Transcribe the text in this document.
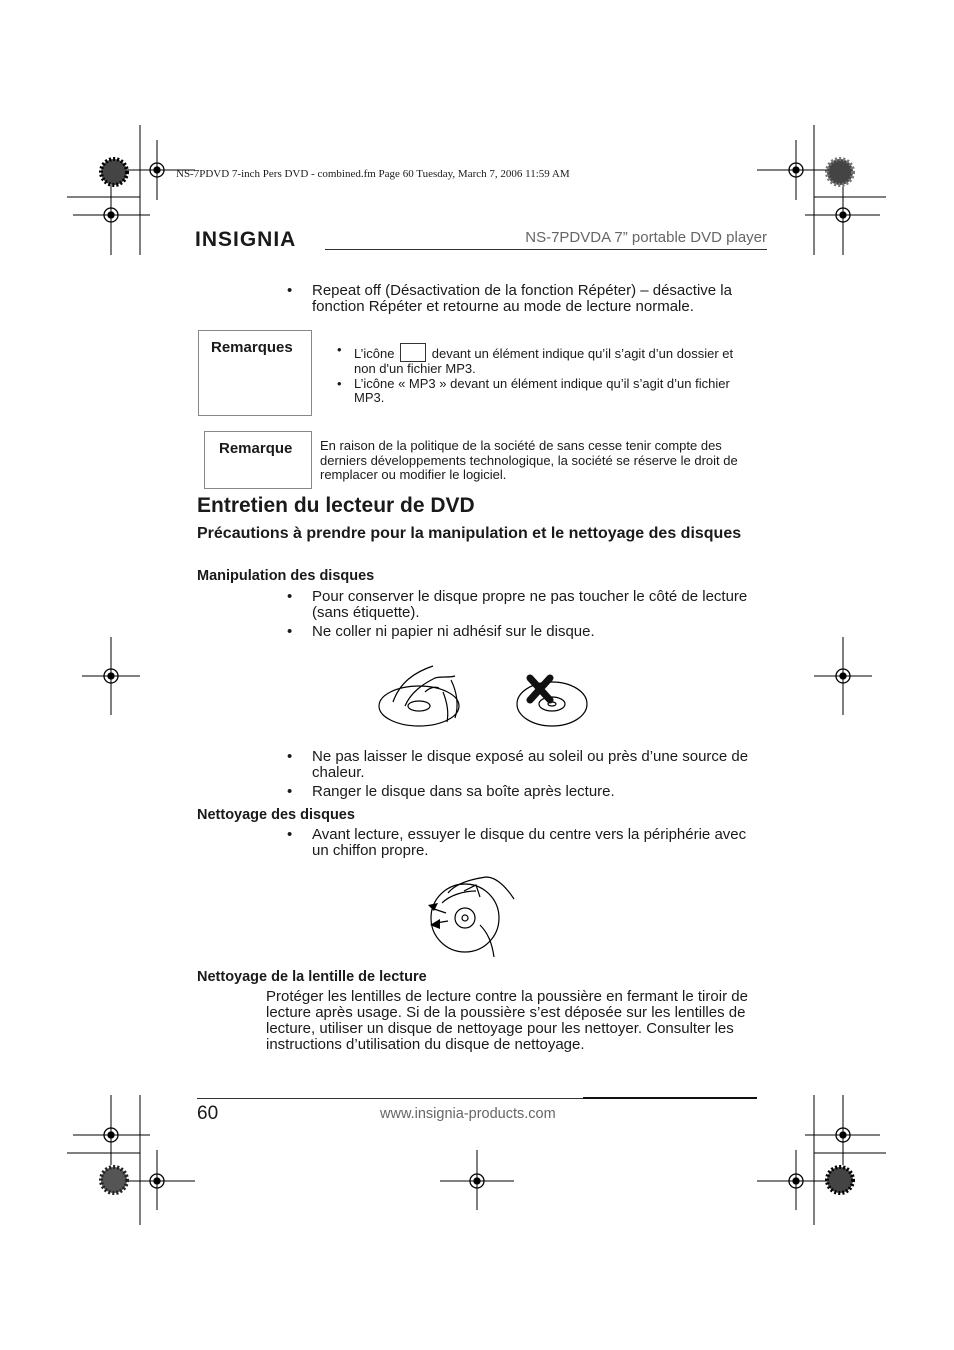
NS-7PDVD 7-inch Pers DVD - combined.fm Page 60 Tuesday, March 7, 2006 11:59 AM
INSIGNIA	NS-7PDVDA 7” portable DVD player
• Repeat off (Désactivation de la fonction Répéter) – désactive la fonction Répéter et retourne au mode de lecture normale.
Remarques	• L’icône	devant un élément indique qu’il s’agit d’un dossier et non d'un fichier MP3.
• L’icône « MP3 » devant un élément indique qu’il s’agit d’un fichier MP3.
Remarque En raison de la politique de la société de sans cesse tenir compte des derniers développements technologique, la société se réserve le droit de remplacer ou modifier le logiciel.
Entretien du lecteur de DVD
Précautions à prendre pour la manipulation et le nettoyage des disques
Manipulation des disques
• Pour conserver le disque propre ne pas toucher le côté de lecture (sans étiquette).
• Ne coller ni papier ni adhésif sur le disque.
• Ne pas laisser le disque exposé au soleil ou près d’une source de chaleur.
• Ranger le disque dans sa boîte après lecture.
Nettoyage des disques
• Avant lecture, essuyer le disque du centre vers la périphérie avec un chiffon propre.
Nettoyage de la lentille de lecture
Protéger les lentilles de lecture contre la poussière en fermant le tiroir de lecture après usage. Si de la poussière s’est déposée sur les lentilles de lecture, utiliser un disque de nettoyage pour les nettoyer. Consulter les instructions d’utilisation du disque de nettoyage.
60	www.insignia-products.com
